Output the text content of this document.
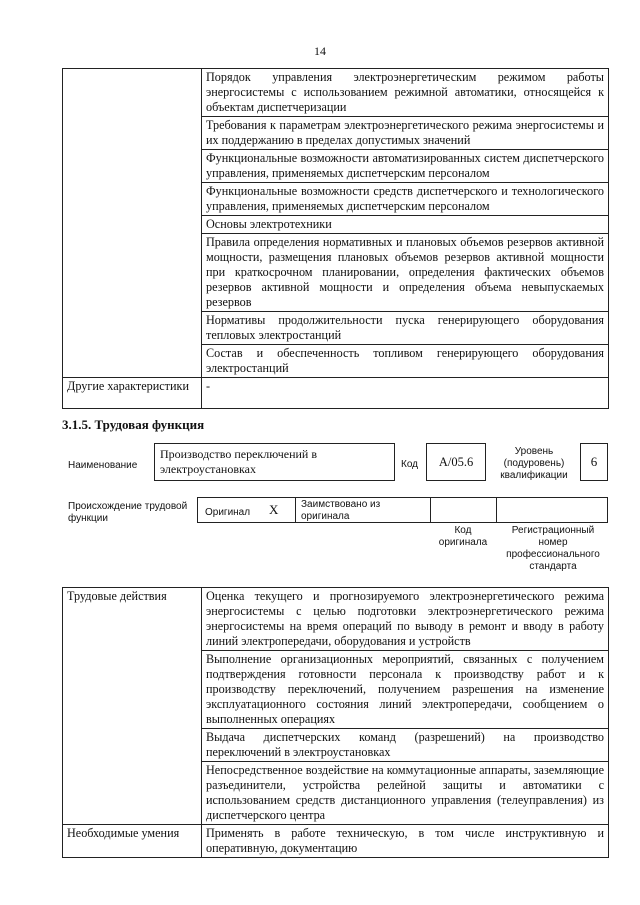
14
	Порядок управления электроэнергетическим режимом работы энергосистемы с использованием режимной автоматики, относящейся к объектам диспетчеризации
	Требования к параметрам электроэнергетического режима энергосистемы и их поддержанию в пределах допустимых значений
	Функциональные возможности автоматизированных систем диспетчерского управления, применяемых диспетчерским персоналом
	Функциональные возможности средств диспетчерского и технологического управления, применяемых диспетчерским персоналом
	Основы электротехники
	Правила определения нормативных и плановых объемов резервов активной мощности, размещения плановых объемов резервов активной мощности при краткосрочном планировании, определения фактических объемов резервов активной мощности и определения объема невыпускаемых резервов
	Нормативы продолжительности пуска генерирующего оборудования тепловых электростанций
	Состав и обеспеченность топливом генерирующего оборудования электростанций
Другие характеристики	-
3.1.5. Трудовая функция
Наименование
Производство переключений в электроустановках	Код	А/05.6
Уровень (подуровень) квалификации
6
Происхождение трудовой функции
Оригинал X Заимствовано из оригинала
Код оригинала
Регистрационный номер профессионального стандарта
Трудовые действия	Оценка текущего и прогнозируемого электроэнергетического режима энергосистемы с целью подготовки электроэнергетического режима энергосистемы на время операций по выводу в ремонт и вводу в работу линий электропередачи, оборудования и устройств
	Выполнение организационных мероприятий, связанных с получением подтверждения готовности персонала к производству работ и к производству переключений, получением разрешения на изменение эксплуатационного состояния линий электропередачи, сообщением о выполненных операциях
	Выдача диспетчерских команд (разрешений) на производство переключений в электроустановках
	Непосредственное воздействие на коммутационные аппараты, заземляющие разъединители, устройства релейной защиты и автоматики с использованием средств дистанционного управления (телеуправления) из диспетчерского центра
Необходимые умения	Применять в работе техническую, в том числе инструктивную и оперативную, документацию
